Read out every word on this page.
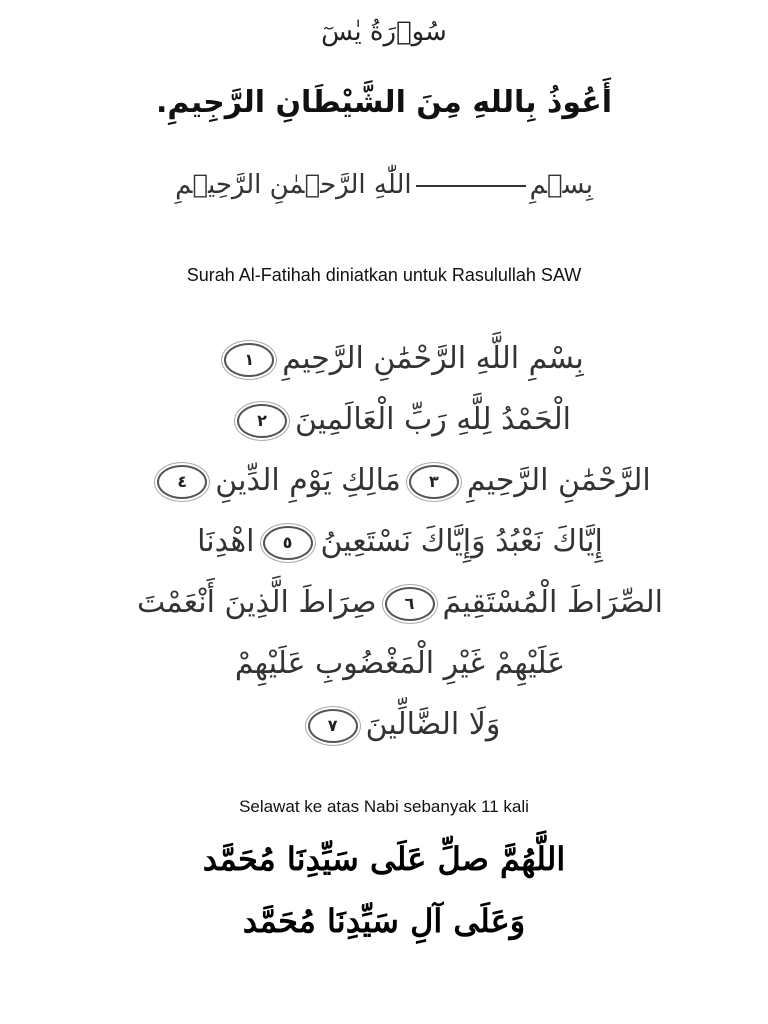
سُوۡرَةُ يٰسٓ
أَعُوذُ بِاللهِ مِنَ الشَّيْطَانِ الرَّجِيمِ.
بِسۡمِاللّٰهِ الرَّحۡمٰنِ الرَّحِيۡمِ
Surah Al-Fatihah diniatkan untuk Rasulullah SAW
بِسْمِ اللَّهِ الرَّحْمَٰنِ الرَّحِيمِ١
الْحَمْدُ لِلَّهِ رَبِّ الْعَالَمِينَ٢
الرَّحْمَٰنِ الرَّحِيمِ٣مَالِكِ يَوْمِ الدِّينِ٤
إِيَّاكَ نَعْبُدُ وَإِيَّاكَ نَسْتَعِينُ٥اهْدِنَا
الصِّرَاطَ الْمُسْتَقِيمَ٦صِرَاطَ الَّذِينَ أَنْعَمْتَ
عَلَيْهِمْ غَيْرِ الْمَغْضُوبِ عَلَيْهِمْ
وَلَا الضَّالِّينَ٧
Selawat ke atas Nabi sebanyak 11 kali
اللَّهُمَّ صلِّ عَلَى سَيِّدِنَا مُحَمَّد
وَعَلَى آلِ سَيِّدِنَا مُحَمَّد
